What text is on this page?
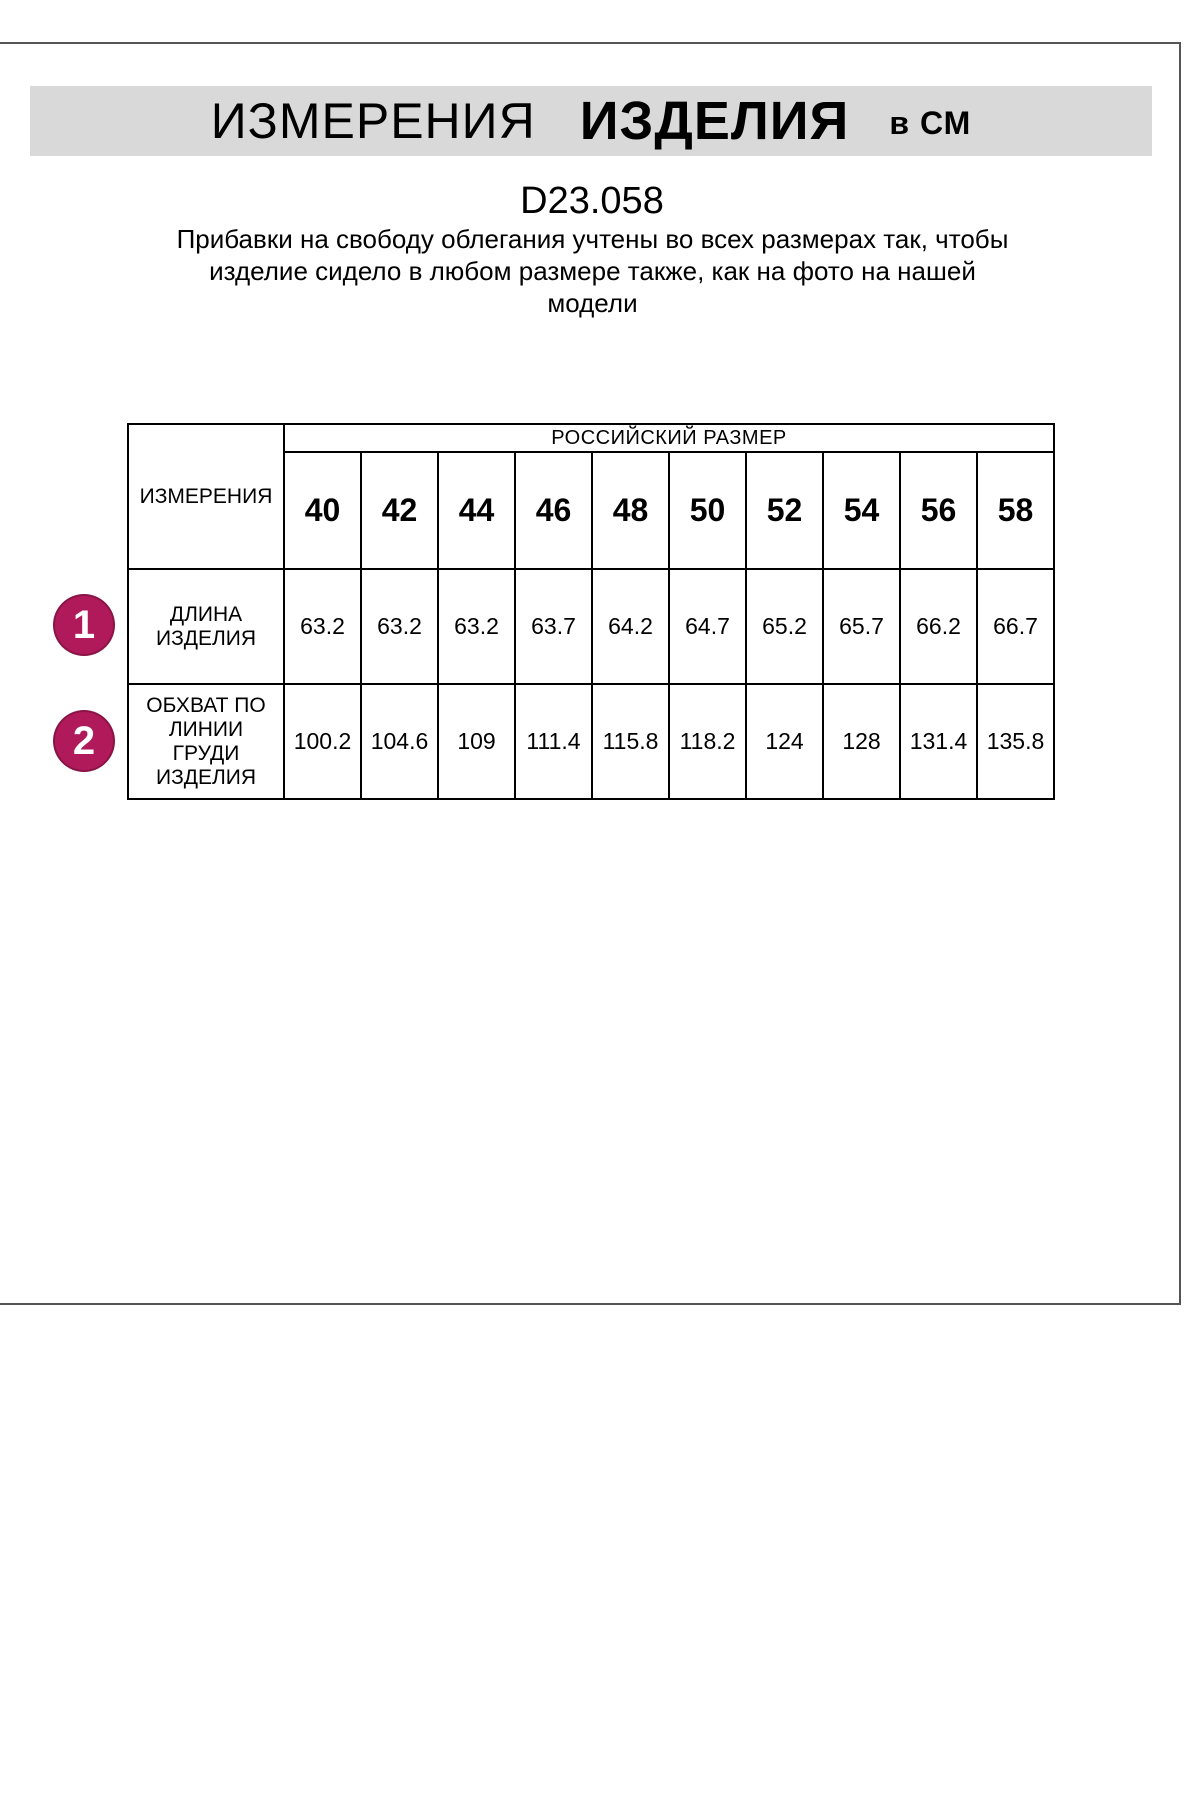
ИЗМЕРЕНИЯ ИЗДЕЛИЯ в СМ
D23.058
Прибавки на свободу облегания учтены во всех размерах так, чтобы
изделие сидело в любом размере также, как на фото на нашей
модели
ИЗМЕРЕНИЯ	РОССИЙСКИЙ РАЗМЕР									
	40	42	44	46	48	50	52	54	56	58

ДЛИНА
ИЗДЕЛИЯ	63.2	63.2	63.2	63.7	64.2	64.7	65.2	65.7	66.2	66.7

ОБХВАТ ПО
ЛИНИИ
ГРУДИ
ИЗДЕЛИЯ	100.2	104.6	109	111.4	115.8	118.2	124	128	131.4	135.8
1
2
